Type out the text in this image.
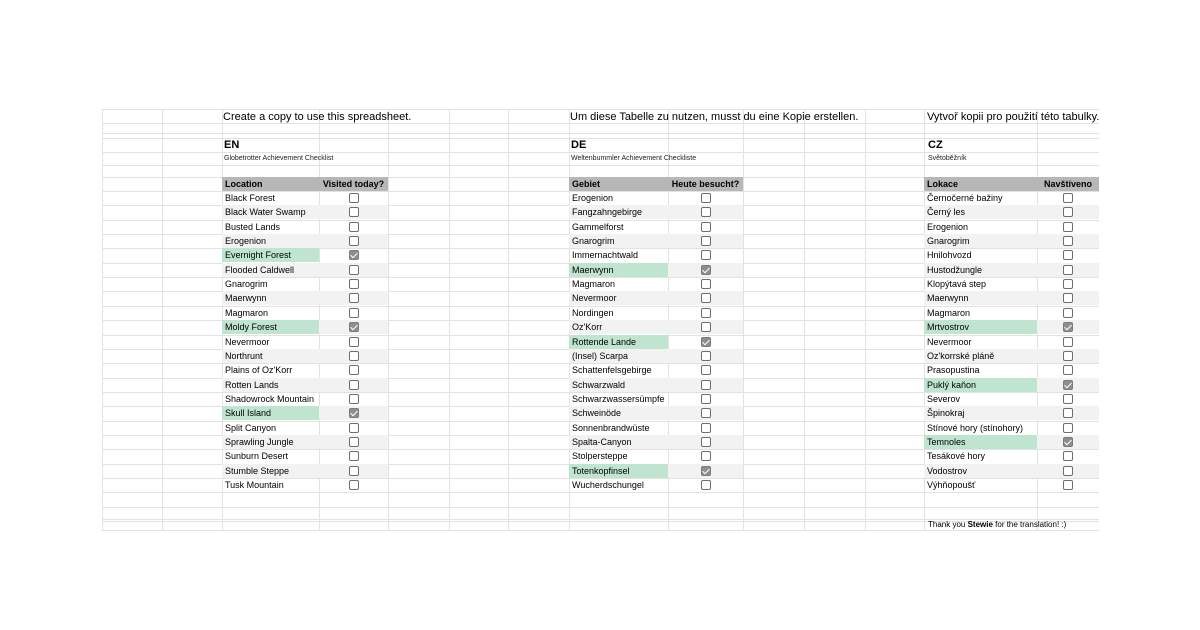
Create a copy to use this spreadsheet.	Um diese Tabelle zu nutzen, musst du eine Kopie erstellen.	Vytvoř kopii pro použití této tabulky.
EN	DE	CZ
Globetrotter Achievement Checklist	Weltenbummler Achievement Checkliste	Světoběžník
Location	Visited today?
Black Forest
Black Water Swamp
Busted Lands
Erogenion
Evernight Forest
Flooded Caldwell
Gnarogrim
Maerwynn
Magmaron
Moldy Forest
Nevermoor
Northrunt
Plains of Oz'Korr
Rotten Lands
Shadowrock Mountain
Skull Island
Split Canyon
Sprawling Jungle
Sunburn Desert
Stumble Steppe
Tusk Mountain
Gebiet	Heute besucht?
Erogenion
Fangzahngebirge
Gammelforst
Gnarogrim
Immernachtwald
Maerwynn
Magmaron
Nevermoor
Nordingen
Oz'Korr
Rottende Lande
(Insel) Scarpa
Schattenfelsgebirge
Schwarzwald
Schwarzwassersümpfe
Schweinöde
Sonnenbrandwüste
Spalta-Canyon
Stolpersteppe
Totenkopfinsel
Wucherdschungel
Lokace	Navštíveno
Černočerné bažiny
Černý les
Erogenion
Gnarogrim
Hnilohvozd
Hustodžungle
Klopýtavá step
Maerwynn
Magmaron
Mrtvostrov
Nevermoor
Oz'korrské pláně
Prasopustina
Puklý kaňon
Severov
Špinokraj
Stínové hory (stínohory)
Temnoles
Tesákové hory
Vodostrov
Výhňopoušť
Thank you Stewie for the translation! :)
